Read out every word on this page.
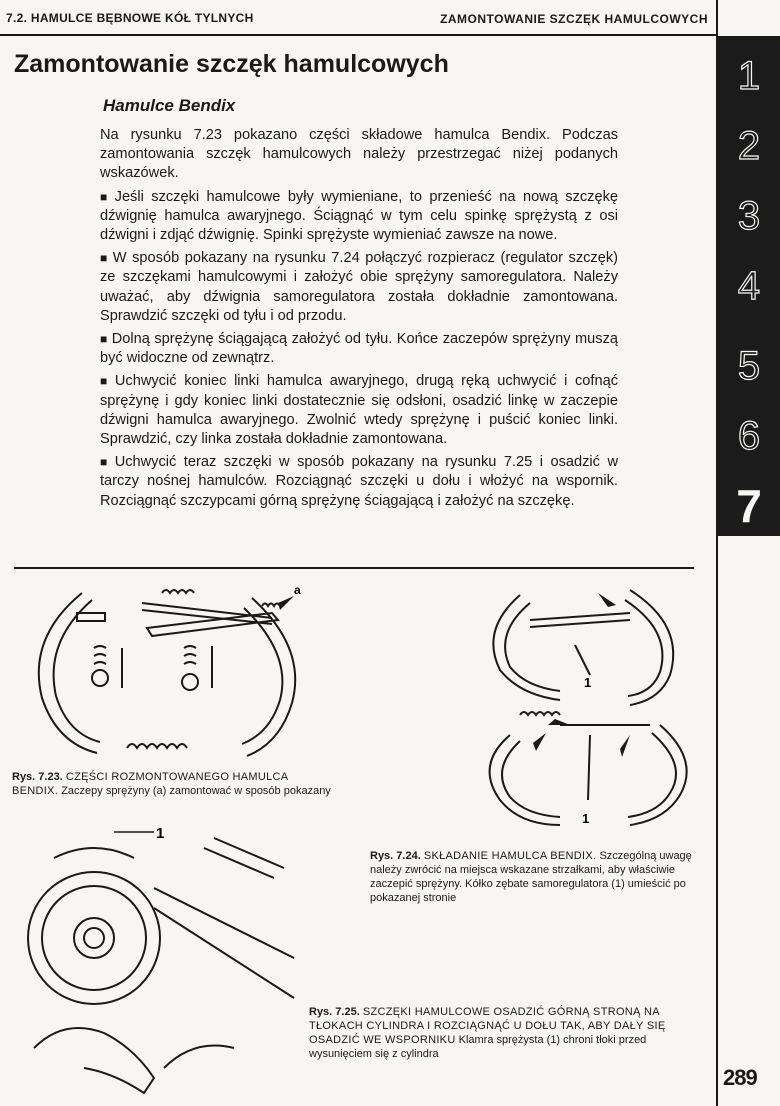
7.2. HAMULCE BĘBNOWE KÓŁ TYLNYCH	ZAMONTOWANIE SZCZĘK HAMULCOWYCH
1
2
3
4
5
6
7
Zamontowanie szczęk hamulcowych
Hamulce Bendix

Na rysunku 7.23 pokazano części składowe hamulca Bendix. Podczas zamontowania szczęk hamulcowych należy przestrzegać niżej podanych wskazówek.

■ Jeśli szczęki hamulcowe były wymieniane, to przenieść na nową szczękę dźwignię hamulca awaryjnego. Ściągnąć w tym celu spinkę sprężystą z osi dźwigni i zdjąć dźwignię. Spinki sprężyste wymieniać zawsze na nowe.

■ W sposób pokazany na rysunku 7.24 połączyć rozpieracz (regulator szczęk) ze szczękami hamulcowymi i założyć obie sprężyny samoregulatora. Należy uważać, aby dźwignia samoregulatora została dokładnie zamontowana. Sprawdzić szczęki od tyłu i od przodu.

■ Dolną sprężynę ściągającą założyć od tyłu. Końce zaczepów sprężyny muszą być widoczne od zewnątrz.

■ Uchwycić koniec linki hamulca awaryjnego, drugą ręką uchwycić i cofnąć sprężynę i gdy koniec linki dostatecznie się odsłoni, osadzić linkę w zaczepie dźwigni hamulca awaryjnego. Zwolnić wtedy sprężynę i puścić koniec linki. Sprawdzić, czy linka została dokładnie zamontowana.

■ Uchwycić teraz szczęki w sposób pokazany na rysunku 7.25 i osadzić w tarczy nośnej hamulców. Rozciągnąć szczęki u dołu i włożyć na wspornik. Rozciągnąć szczypcami górną sprężynę ściągającą i założyć na szczękę.

a
Rys. 7.23. CZĘŚCI ROZMONTOWANEGO HAMULCA BENDIX. Zaczepy sprężyny (a) zamontować w sposób pokazany
1
1
1
Rys. 7.24. SKŁADANIE HAMULCA BENDIX. Szczególną uwagę należy zwrócić na miejsca wskazane strzałkami, aby właściwie zaczepić sprężyny. Kółko zębate samoregulatora (1) umieścić po pokazanej stronie
Rys. 7.25. SZCZĘKI HAMULCOWE OSADZIĆ GÓRNĄ STRONĄ NA TŁOKACH CYLINDRA I ROZCIĄGNĄĆ U DOŁU TAK, ABY DAŁY SIĘ OSADZIĆ WE WSPORNIKU Klamra sprężysta (1) chroni tłoki przed wysunięciem się z cylindra
289
